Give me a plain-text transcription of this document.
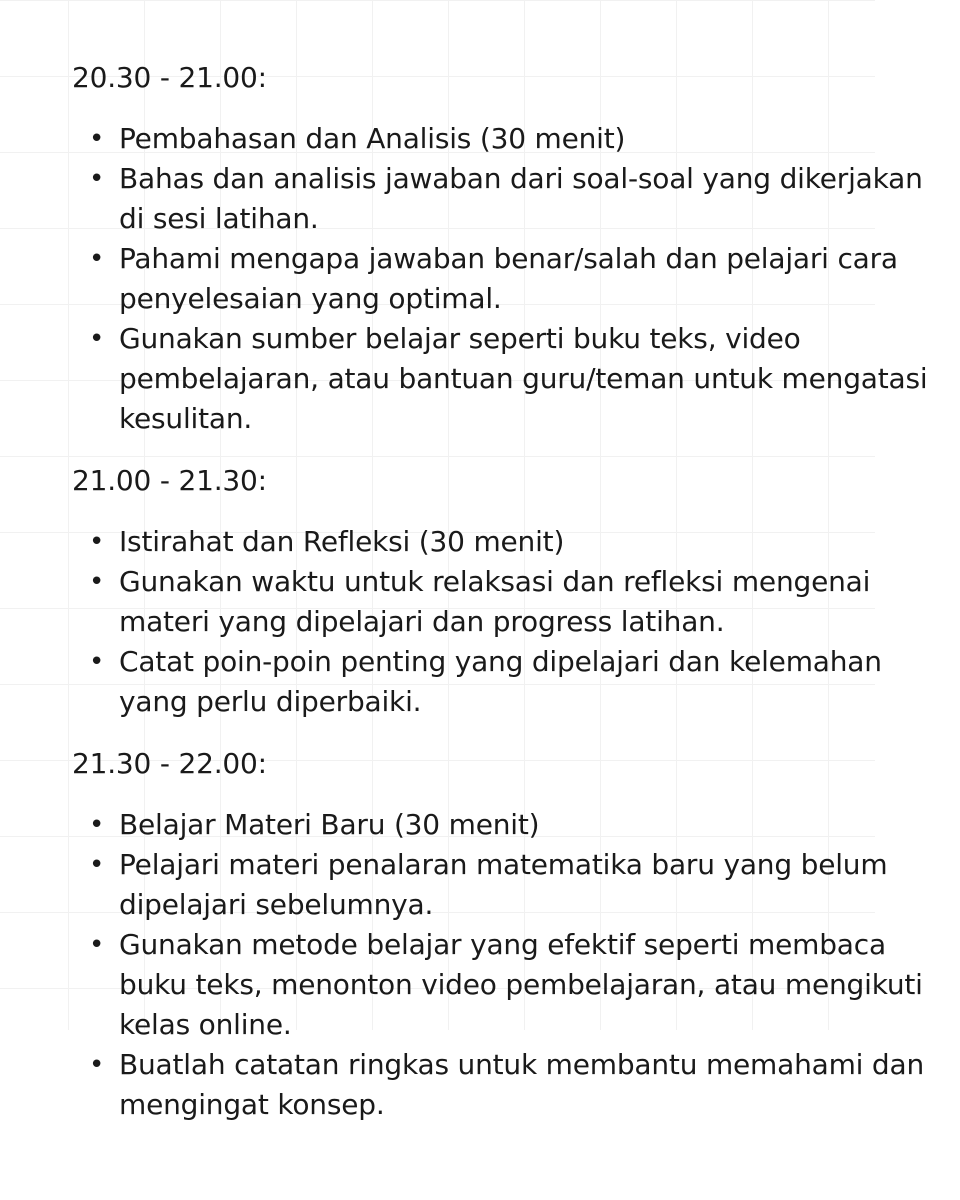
20.30 - 21.00:

• Pembahasan dan Analisis (30 menit)
• Bahas dan analisis jawaban dari soal-soal yang dikerjakan di sesi latihan.
• Pahami mengapa jawaban benar/salah dan pelajari cara penyelesaian yang optimal.
• Gunakan sumber belajar seperti buku teks, video pembelajaran, atau bantuan guru/teman untuk mengatasi kesulitan.

21.00 - 21.30:

• Istirahat dan Refleksi (30 menit)
• Gunakan waktu untuk relaksasi dan refleksi mengenai materi yang dipelajari dan progress latihan.
• Catat poin-poin penting yang dipelajari dan kelemahan yang perlu diperbaiki.

21.30 - 22.00:

• Belajar Materi Baru (30 menit)
• Pelajari materi penalaran matematika baru yang belum dipelajari sebelumnya.
• Gunakan metode belajar yang efektif seperti membaca buku teks, menonton video pembelajaran, atau mengikuti kelas online.
• Buatlah catatan ringkas untuk membantu memahami dan mengingat konsep.
